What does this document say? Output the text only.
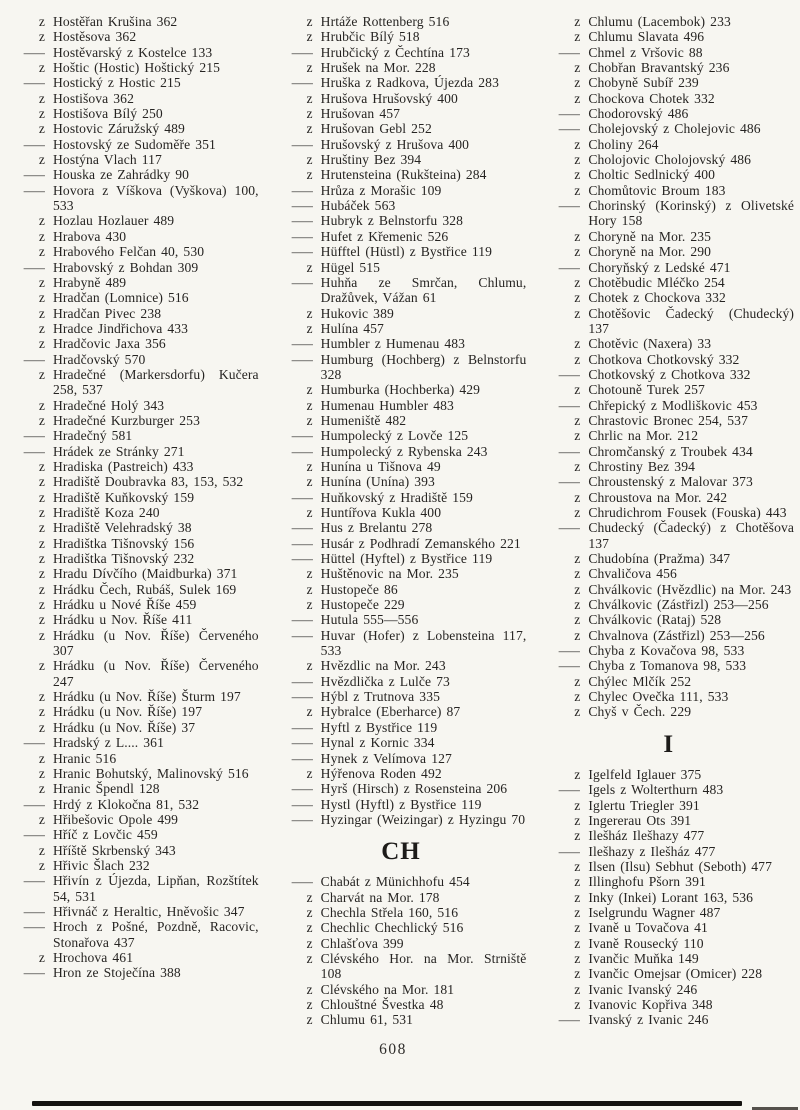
z Hostěřan Krušina 362
z Hostěsova 362
— Hostěvarský z Kostelce 133
z Hoštic (Hostic) Hoštický 215
— Hostický z Hostic 215
z Hostišova 362
z Hostišova Bílý 250
z Hostovic Záružský 489
— Hostovský ze Sudoměře 351
z Hostýna Vlach 117
— Houska ze Zahrádky 90
— Hovora z Víškova (Vyškova) 100, 533
z Hozlau Hozlauer 489
z Hrabova 430
z Hrabového Felčan 40, 530
— Hrabovský z Bohdan 309
z Hrabyně 489
z Hradčan (Lomnice) 516
z Hradčan Pivec 238
z Hradce Jindřichova 433
z Hradčovic Jaxa 356
— Hradčovský 570
z Hradečné (Markersdorfu) Kučera 258, 537
z Hradečné Holý 343
z Hradečné Kurzburger 253
— Hradečný 581
— Hrádek ze Stránky 271
z Hradiska (Pastreich) 433
z Hradiště Doubravka 83, 153, 532
z Hradiště Kuňkovský 159
z Hradiště Koza 240
z Hradiště Velehradský 38
z Hradištka Tišnovský 156
z Hradištka Tišnovský 232
z Hradu Dívčího (Maidburka) 371
z Hrádku Čech, Rubáš, Sulek 169
z Hrádku u Nové Říše 459
z Hrádku u Nov. Říše 411
z Hrádku (u Nov. Říše) Červeného 307
z Hrádku (u Nov. Říše) Červeného 247
z Hrádku (u Nov. Říše) Šturm 197
z Hrádku (u Nov. Říše) 197
z Hrádku (u Nov. Říše) 37
— Hradský z L.... 361
z Hranic 516
z Hranic Bohutský, Malinovský 516
z Hranic Špendl 128
— Hrdý z Klokočna 81, 532
z Hřibešovic Opole 499
— Hříč z Lovčic 459
z Hříště Skrbenský 343
z Hřivic Šlach 232
— Hřivín z Újezda, Lipňan, Rozštítek 54, 531
— Hřivnáč z Heraltic, Hněvošic 347
— Hroch z Pošné, Pozdně, Racovic, Stonařova 437
z Hrochova 461
— Hron ze Stoječína 388
z Hrtáže Rottenberg 516
z Hrubčic Bílý 518
— Hrubčický z Čechtína 173
z Hrušek na Mor. 228
— Hruška z Radkova, Újezda 283
z Hrušova Hrušovský 400
z Hrušovan 457
z Hrušovan Gebl 252
— Hrušovský z Hrušova 400
z Hruštiny Bez 394
z Hrutensteina (Rukšteina) 284
— Hrůza z Morašic 109
— Hubáček 563
— Hubryk z Belnstorfu 328
— Hufet z Křemenic 526
— Hüfftel (Hüstl) z Bystřice 119
z Hügel 515
— Huhňa ze Smrčan, Chlumu, Dražůvek, Vážan 61
z Hukovic 389
z Hulína 457
— Humbler z Humenau 483
— Humburg (Hochberg) z Belnstorfu 328
z Humburka (Hochberka) 429
z Humenau Humbler 483
z Humeniště 482
— Humpolecký z Lovče 125
— Humpolecký z Rybenska 243
z Hunína u Tišnova 49
z Hunína (Unína) 393
— Huňkovský z Hradiště 159
z Huntířova Kukla 400
— Hus z Brelantu 278
— Husár z Podhradí Zemanského 221
— Hüttel (Hyftel) z Bystřice 119
z Huštěnovic na Mor. 235
z Hustopeče 86
z Hustopeče 229
— Hutula 555—556
— Huvar (Hofer) z Lobensteina 117, 533
z Hvězdlic na Mor. 243
— Hvězdlička z Lulče 73
— Hýbl z Trutnova 335
z Hybralce (Eberharce) 87
— Hyftl z Bystřice 119
— Hynal z Kornic 334
— Hynek z Velímova 127
z Hýřenova Roden 492
— Hyrš (Hirsch) z Rosensteina 206
— Hystl (Hyftl) z Bystřice 119
— Hyzingar (Weizingar) z Hyzingu 70
CH
— Chabát z Münichhofu 454
z Charvát na Mor. 178
z Chechla Střela 160, 516
z Chechlic Chechlický 516
z Chlašťova 399
z Clévského Hor. na Mor. Strniště 108
z Clévského na Mor. 181
z Chlouštné Švestka 48
z Chlumu 61, 531
z Chlumu (Lacembok) 233
z Chlumu Slavata 496
— Chmel z Vršovic 88
z Chobřan Bravantský 236
z Chobyně Subíř 239
z Chockova Chotek 332
— Chodorovský 486
— Cholejovský z Cholejovic 486
z Choliny 264
z Cholojovic Cholojovský 486
z Choltic Sedlnický 400
z Chomůtovic Broum 183
— Chorinský (Korinský) z Olivetské Hory 158
z Choryně na Mor. 235
z Choryně na Mor. 290
— Choryňský z Ledské 471
z Chotěbudic Mléčko 254
z Chotek z Chockova 332
z Chotěšovic Čadecký (Chudecký) 137
z Chotěvic (Naxera) 33
z Chotkova Chotkovský 332
— Chotkovský z Chotkova 332
z Chotouně Turek 257
— Chřepický z Modliškovic 453
z Chrastovic Bronec 254, 537
z Chrlic na Mor. 212
— Chromčanský z Troubek 434
z Chrostiny Bez 394
— Chroustenský z Malovar 373
z Chroustova na Mor. 242
z Chrudichrom Fousek (Fouska) 443
— Chudecký (Čadecký) z Chotěšova 137
z Chudobína (Pražma) 347
z Chvaličova 456
z Chválkovic (Hvězdlic) na Mor. 243
z Chválkovic (Zástřizl) 253—256
z Chválkovic (Rataj) 528
z Chvalnova (Zástřizl) 253—256
— Chyba z Kovačova 98, 533
— Chyba z Tomanova 98, 533
z Chýlec Mlčík 252
z Chylec Ovečka 111, 533
z Chyš v Čech. 229
I
z Igelfeld Iglauer 375
— Igels z Wolterthurn 483
z Iglertu Triegler 391
z Ingererau Ots 391
z Ilešház Ilešhazy 477
— Ilešhazy z Ilešház 477
z Ilsen (Ilsu) Sebhut (Seboth) 477
z Illinghofu Pšorn 391
z Inky (Inkei) Lorant 163, 536
z Iselgrundu Wagner 487
z Ivaně u Tovačova 41
z Ivaně Rousecký 110
z Ivančic Muňka 149
z Ivančic Omejsar (Omicer) 228
z Ivanic Ivanský 246
z Ivanovic Kopřiva 348
— Ivanský z Ivanic 246
608
